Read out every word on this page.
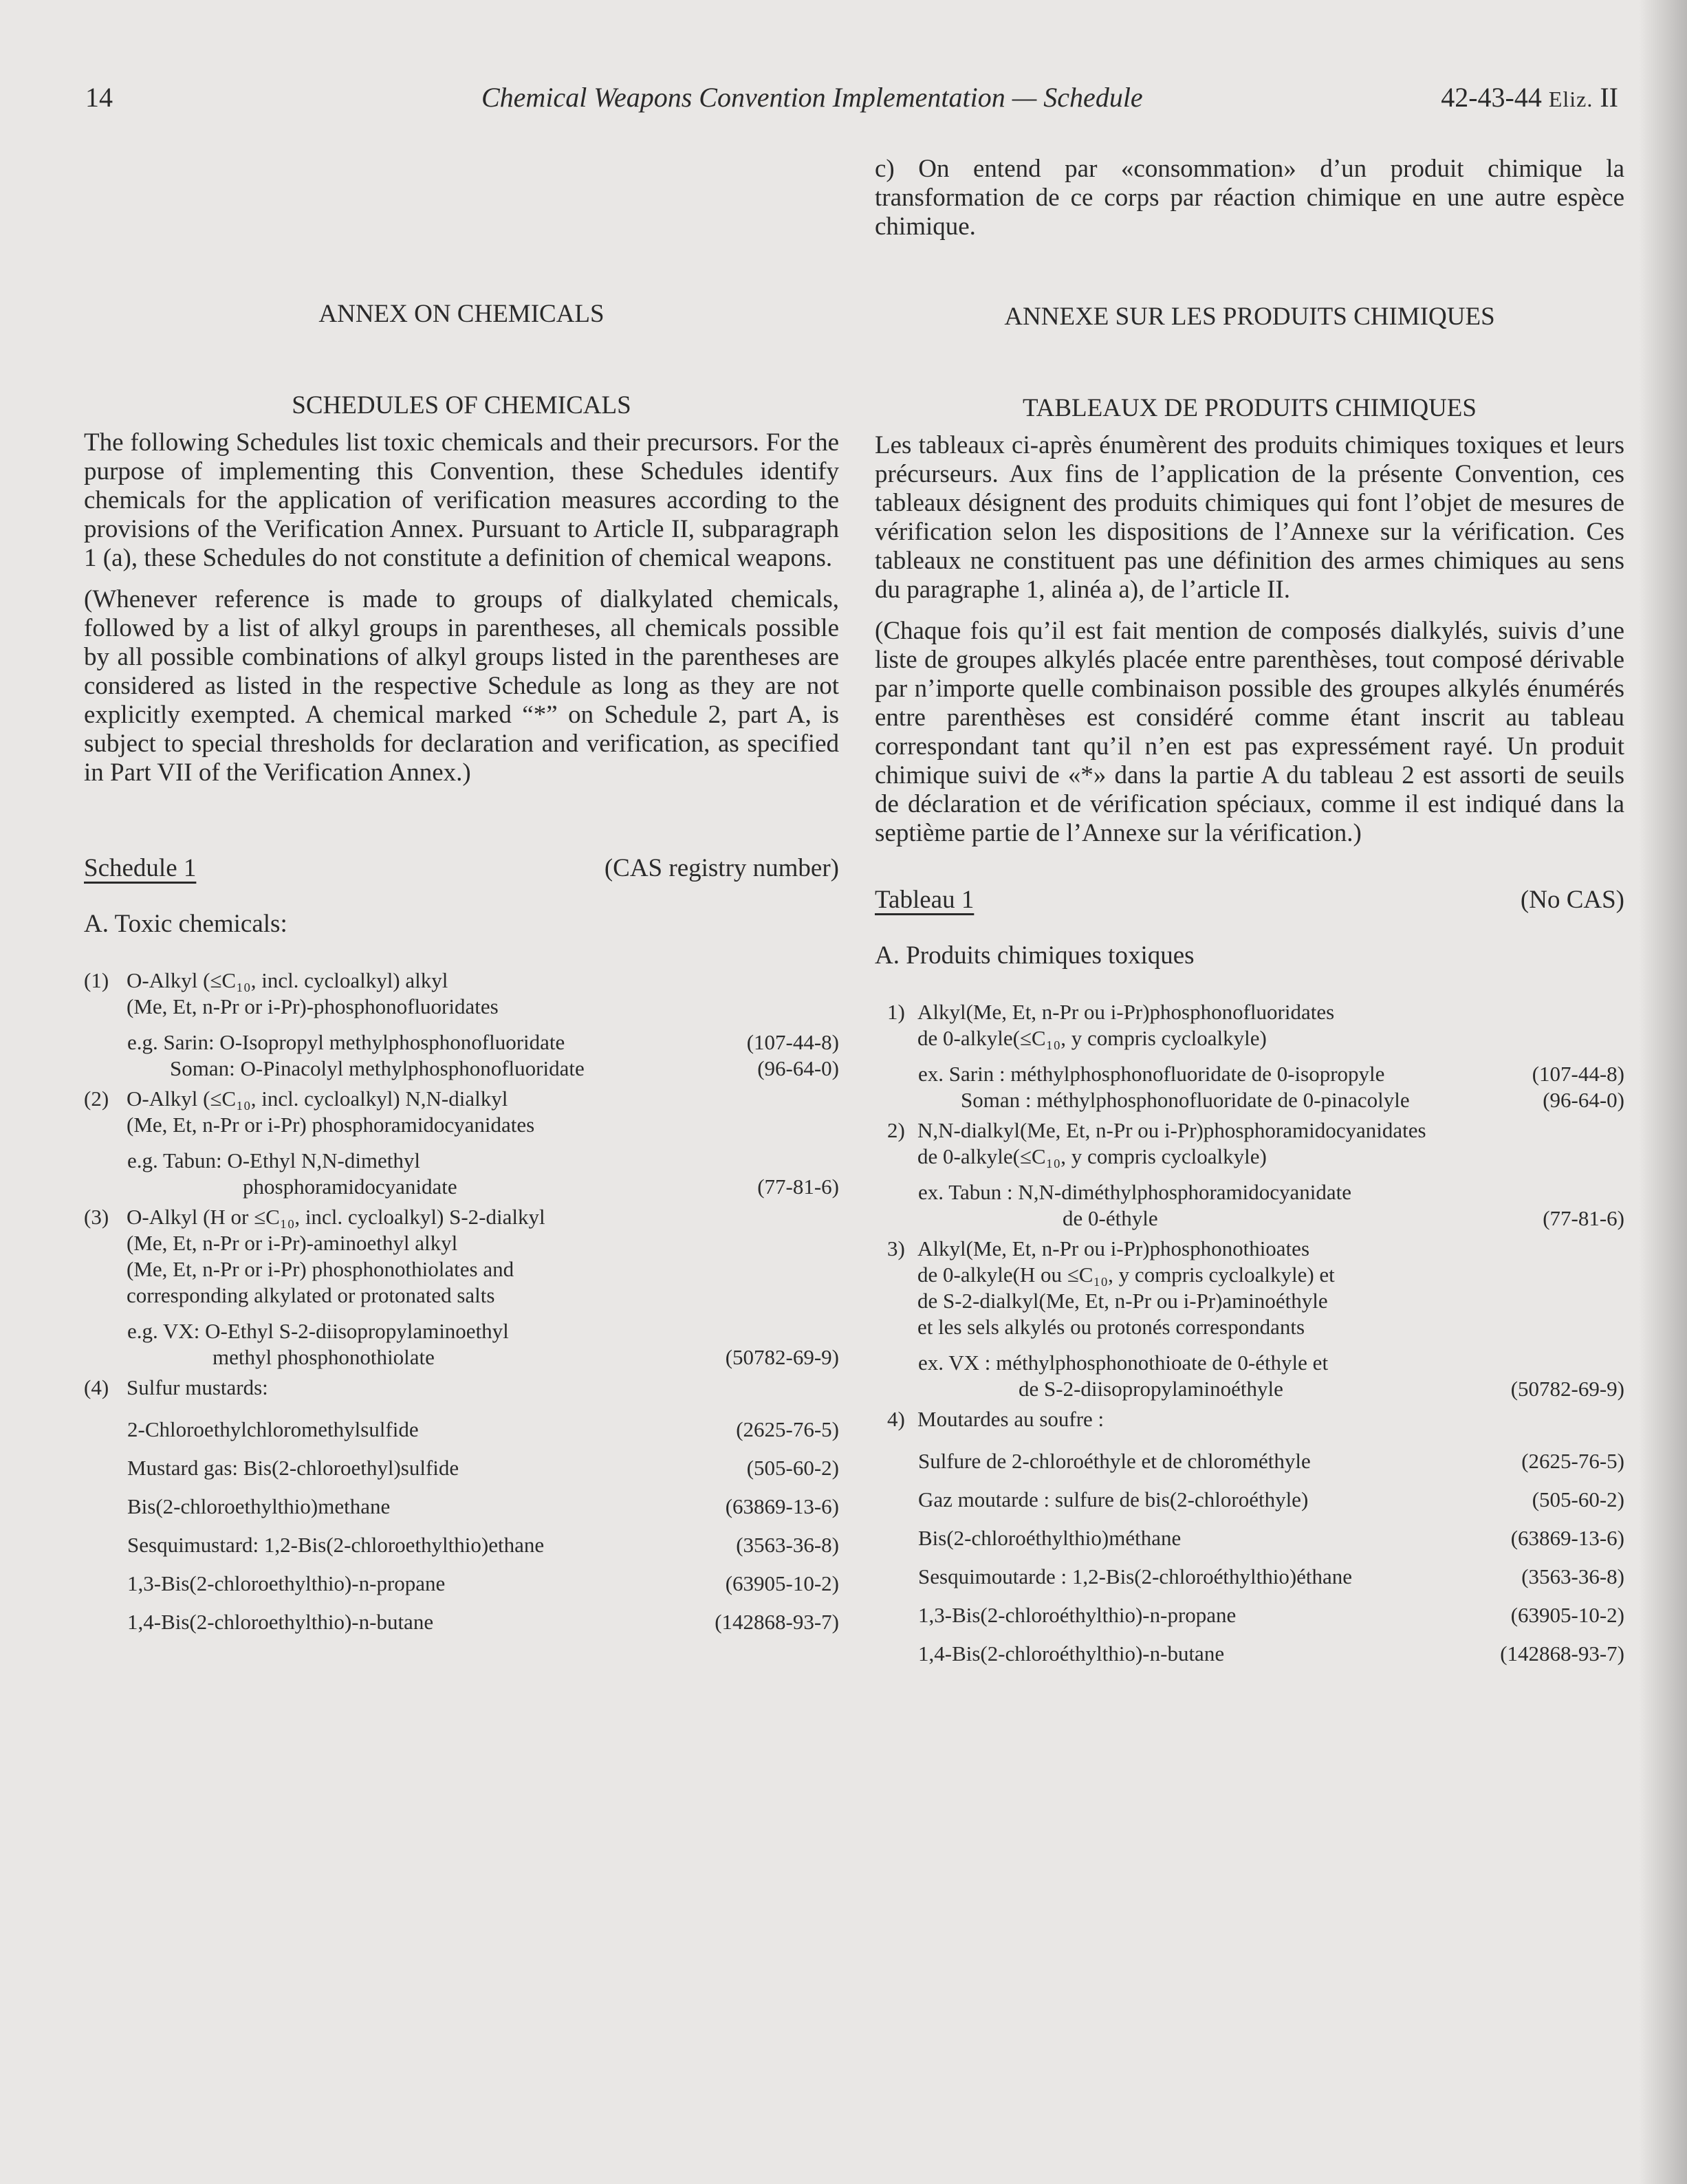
14	Chemical Weapons Convention Implementation — Schedule	42-43-44 Eliz. II
ANNEX ON CHEMICALS
SCHEDULES OF CHEMICALS

The following Schedules list toxic chemicals and their precursors. For the purpose of implementing this Convention, these Schedules identify chemicals for the application of verification measures according to the provisions of the Verification Annex. Pursuant to Article II, subparagraph 1 (a), these Schedules do not constitute a definition of chemical weapons.

(Whenever reference is made to groups of dialkylated chemicals, followed by a list of alkyl groups in parentheses, all chemicals possible by all possible combinations of alkyl groups listed in the parentheses are considered as listed in the respective Schedule as long as they are not explicitly exempted. A chemical marked “*” on Schedule 2, part A, is subject to special thresholds for declaration and verification, as specified in Part VII of the Verification Annex.)

Schedule 1	(CAS registry number)
A. Toxic chemicals:
(1) O-Alkyl (≤C₁₀, incl. cycloalkyl) alkyl
(Me, Et, n-Pr or i-Pr)-phosphonofluoridates
e.g. Sarin: O-Isopropyl methylphosphonofluoridate	(107-44-8)
Soman: O-Pinacolyl methylphosphonofluoridate	(96-64-0)
(2) O-Alkyl (≤C₁₀, incl. cycloalkyl) N,N-dialkyl
(Me, Et, n-Pr or i-Pr) phosphoramidocyanidates
e.g. Tabun: O-Ethyl N,N-dimethyl
phosphoramidocyanidate	(77-81-6)
(3) O-Alkyl (H or ≤C₁₀, incl. cycloalkyl) S-2-dialkyl
(Me, Et, n-Pr or i-Pr)-aminoethyl alkyl
(Me, Et, n-Pr or i-Pr) phosphonothiolates and
corresponding alkylated or protonated salts
e.g. VX: O-Ethyl S-2-diisopropylaminoethyl
methyl phosphonothiolate	(50782-69-9)
(4) Sulfur mustards:
2-Chloroethylchloromethylsulfide	(2625-76-5)
Mustard gas: Bis(2-chloroethyl)sulfide	(505-60-2)
Bis(2-chloroethylthio)methane	(63869-13-6)
Sesquimustard: 1,2-Bis(2-chloroethylthio)ethane	(3563-36-8)
1,3-Bis(2-chloroethylthio)-n-propane	(63905-10-2)
1,4-Bis(2-chloroethylthio)-n-butane	(142868-93-7)

c) On entend par «consommation» d’un produit chimique la transformation de ce corps par réaction chimique en une autre espèce chimique.

ANNEXE SUR LES PRODUITS CHIMIQUES
TABLEAUX DE PRODUITS CHIMIQUES

Les tableaux ci-après énumèrent des produits chimiques toxiques et leurs précurseurs. Aux fins de l’application de la présente Convention, ces tableaux désignent des produits chimiques qui font l’objet de mesures de vérification selon les dispositions de l’Annexe sur la vérification. Ces tableaux ne constituent pas une définition des armes chimiques au sens du paragraphe 1, alinéa a), de l’article II.

(Chaque fois qu’il est fait mention de composés dialkylés, suivis d’une liste de groupes alkylés placée entre parenthèses, tout composé dérivable par n’importe quelle combinaison possible des groupes alkylés énumérés entre parenthèses est considéré comme étant inscrit au tableau correspondant tant qu’il n’en est pas expressément rayé. Un produit chimique suivi de «*» dans la partie A du tableau 2 est assorti de seuils de déclaration et de vérification spéciaux, comme il est indiqué dans la septième partie de l’Annexe sur la vérification.)

Tableau 1	(No CAS)
A. Produits chimiques toxiques
1) Alkyl(Me, Et, n-Pr ou i-Pr)phosphonofluoridates
de 0-alkyle(≤C₁₀, y compris cycloalkyle)
ex. Sarin : méthylphosphonofluoridate de 0-isopropyle	(107-44-8)
Soman : méthylphosphonofluoridate de 0-pinacolyle	(96-64-0)
2) N,N-dialkyl(Me, Et, n-Pr ou i-Pr)phosphoramidocyanidates
de 0-alkyle(≤C₁₀, y compris cycloalkyle)
ex. Tabun : N,N-diméthylphosphoramidocyanidate
de 0-éthyle	(77-81-6)
3) Alkyl(Me, Et, n-Pr ou i-Pr)phosphonothioates
de 0-alkyle(H ou ≤C₁₀, y compris cycloalkyle) et
de S-2-dialkyl(Me, Et, n-Pr ou i-Pr)aminoéthyle
et les sels alkylés ou protonés correspondants
ex. VX : méthylphosphonothioate de 0-éthyle et
de S-2-diisopropylaminoéthyle	(50782-69-9)
4) Moutardes au soufre :
Sulfure de 2-chloroéthyle et de chlorométhyle	(2625-76-5)
Gaz moutarde : sulfure de bis(2-chloroéthyle)	(505-60-2)
Bis(2-chloroéthylthio)méthane	(63869-13-6)
Sesquimoutarde : 1,2-Bis(2-chloroéthylthio)éthane	(3563-36-8)
1,3-Bis(2-chloroéthylthio)-n-propane	(63905-10-2)
1,4-Bis(2-chloroéthylthio)-n-butane	(142868-93-7)
